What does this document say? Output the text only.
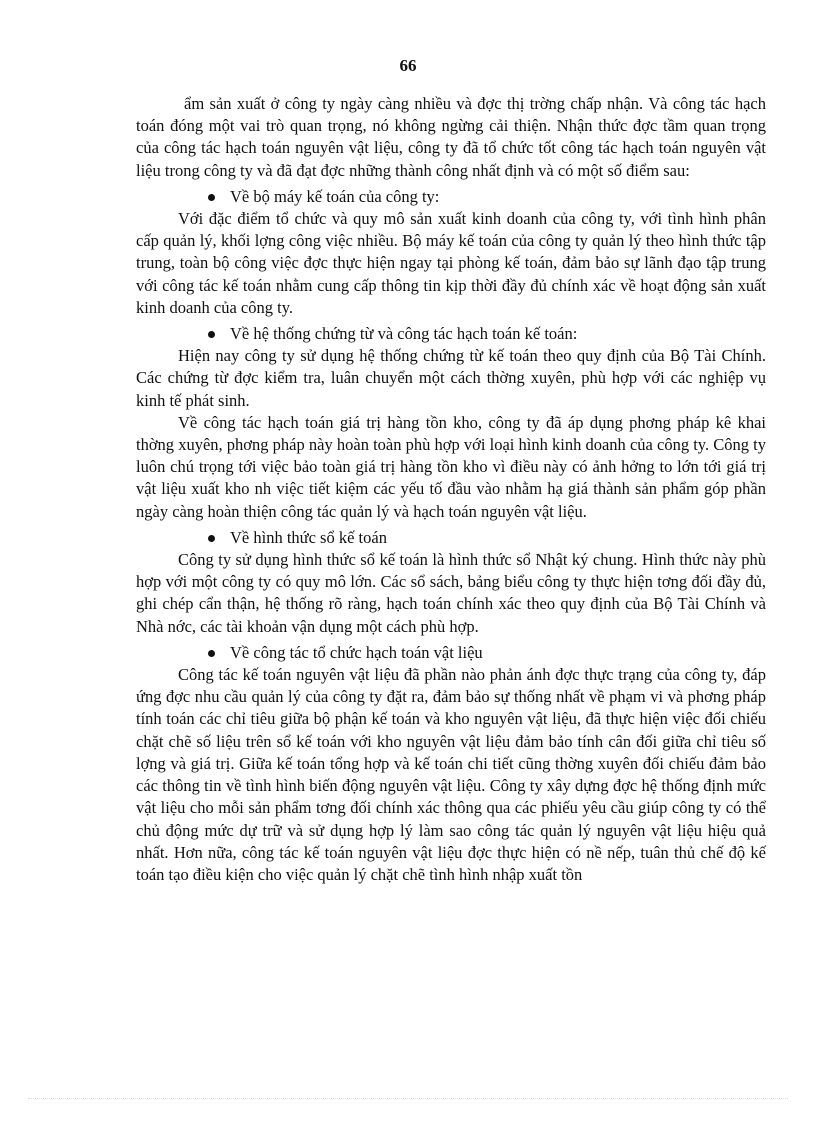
66

ẩm sản xuất ở công ty ngày càng nhiều và đợc thị trờng chấp nhận. Và công tác hạch toán đóng một vai trò quan trọng, nó không ngừng cải thiện. Nhận thức đợc tầm quan trọng của công tác hạch toán nguyên vật liệu, công ty đã tổ chức tốt công tác hạch toán nguyên vật liệu trong công ty và đã đạt đợc những thành công nhất định và có một số điểm sau:

Về bộ máy kế toán của công ty:

Với đặc điểm tổ chức và quy mô sản xuất kinh doanh của công ty, với tình hình phân cấp quản lý, khối lợng công việc nhiều. Bộ máy kế toán của công ty quản lý theo hình thức tập trung, toàn bộ công việc đợc thực hiện ngay tại phòng kế toán, đảm bảo sự lãnh đạo tập trung với công tác kế toán nhằm cung cấp thông tin kịp thời đầy đủ chính xác về hoạt động sản xuất kinh doanh của công ty.

Về hệ thống chứng từ và công tác hạch toán kế toán:

Hiện nay công ty sử dụng hệ thống chứng từ kế toán theo quy định của Bộ Tài Chính. Các chứng từ đợc kiểm tra, luân chuyển một cách thờng xuyên, phù hợp với các nghiệp vụ kinh tế phát sinh.

Về công tác hạch toán giá trị hàng tồn kho, công ty đã áp dụng phơng pháp kê khai thờng xuyên, phơng pháp này hoàn toàn phù hợp với loại hình kinh doanh của công ty. Công ty luôn chú trọng tới việc bảo toàn giá trị hàng tồn kho vì điều này có ảnh hởng to lớn tới giá trị vật liệu xuất kho nh việc tiết kiệm các yếu tố đầu vào nhằm hạ giá thành sản phẩm góp phần ngày càng hoàn thiện công tác quản lý và hạch toán nguyên vật liệu.

Về hình thức sổ kế toán

Công ty sử dụng hình thức sổ kế toán là hình thức sổ Nhật ký chung. Hình thức này phù hợp với một công ty có quy mô lớn. Các sổ sách, bảng biểu công ty thực hiện tơng đối đầy đủ, ghi chép cẩn thận, hệ thống rõ ràng, hạch toán chính xác theo quy định của Bộ Tài Chính và Nhà nớc, các tài khoản vận dụng một cách phù hợp.

Về công tác tổ chức hạch toán vật liệu

Công tác kế toán nguyên vật liệu đã phần nào phản ánh đợc thực trạng của công ty, đáp ứng đợc nhu cầu quản lý của công ty đặt ra, đảm bảo sự thống nhất về phạm vi và phơng pháp tính toán các chỉ tiêu giữa bộ phận kế toán và kho nguyên vật liệu, đã thực hiện việc đối chiếu chặt chẽ số liệu trên sổ kế toán với kho nguyên vật liệu đảm bảo tính cân đối giữa chỉ tiêu số lợng và giá trị. Giữa kế toán tổng hợp và kế toán chi tiết cũng thờng xuyên đối chiếu đảm bảo các thông tin về tình hình biến động nguyên vật liệu. Công ty xây dựng đợc hệ thống định mức vật liệu cho mỗi sản phẩm tơng đối chính xác thông qua các phiếu yêu cầu giúp công ty có thể chủ động mức dự trữ và sử dụng hợp lý làm sao công tác quản lý nguyên vật liệu hiệu quả nhất. Hơn nữa, công tác kế toán nguyên vật liệu đợc thực hiện có nề nếp, tuân thủ chế độ kế toán tạo điều kiện cho việc quản lý chặt chẽ tình hình nhập xuất tồn
